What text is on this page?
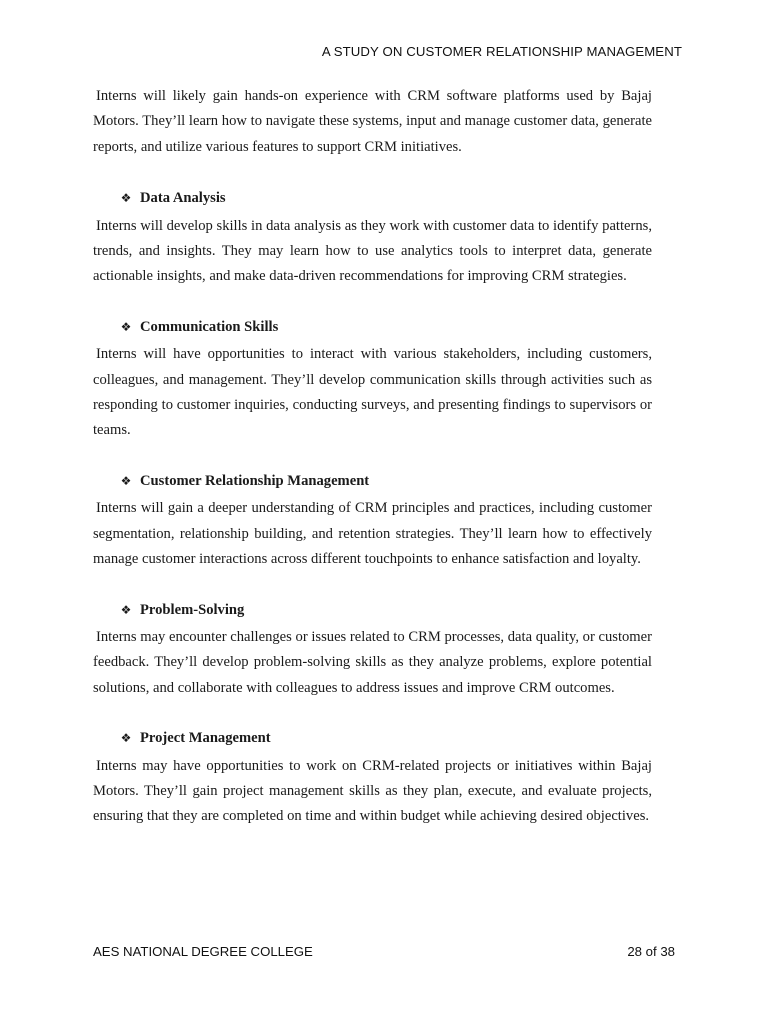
A STUDY ON CUSTOMER RELATIONSHIP MANAGEMENT

Interns will likely gain hands-on experience with CRM software platforms used by Bajaj Motors. They’ll learn how to navigate these systems, input and manage customer data, generate reports, and utilize various features to support CRM initiatives.

❖ Data Analysis

Interns will develop skills in data analysis as they work with customer data to identify patterns, trends, and insights. They may learn how to use analytics tools to interpret data, generate actionable insights, and make data-driven recommendations for improving CRM strategies.

❖ Communication Skills

Interns will have opportunities to interact with various stakeholders, including customers, colleagues, and management. They’ll develop communication skills through activities such as responding to customer inquiries, conducting surveys, and presenting findings to supervisors or teams.

❖ Customer Relationship Management

Interns will gain a deeper understanding of CRM principles and practices, including customer segmentation, relationship building, and retention strategies. They’ll learn how to effectively manage customer interactions across different touchpoints to enhance satisfaction and loyalty.

❖ Problem-Solving

Interns may encounter challenges or issues related to CRM processes, data quality, or customer feedback. They’ll develop problem-solving skills as they analyze problems, explore potential solutions, and collaborate with colleagues to address issues and improve CRM outcomes.

❖ Project Management

Interns may have opportunities to work on CRM-related projects or initiatives within Bajaj Motors. They’ll gain project management skills as they plan, execute, and evaluate projects, ensuring that they are completed on time and within budget while achieving desired objectives.

AES NATIONAL DEGREE COLLEGE	28 of 38
